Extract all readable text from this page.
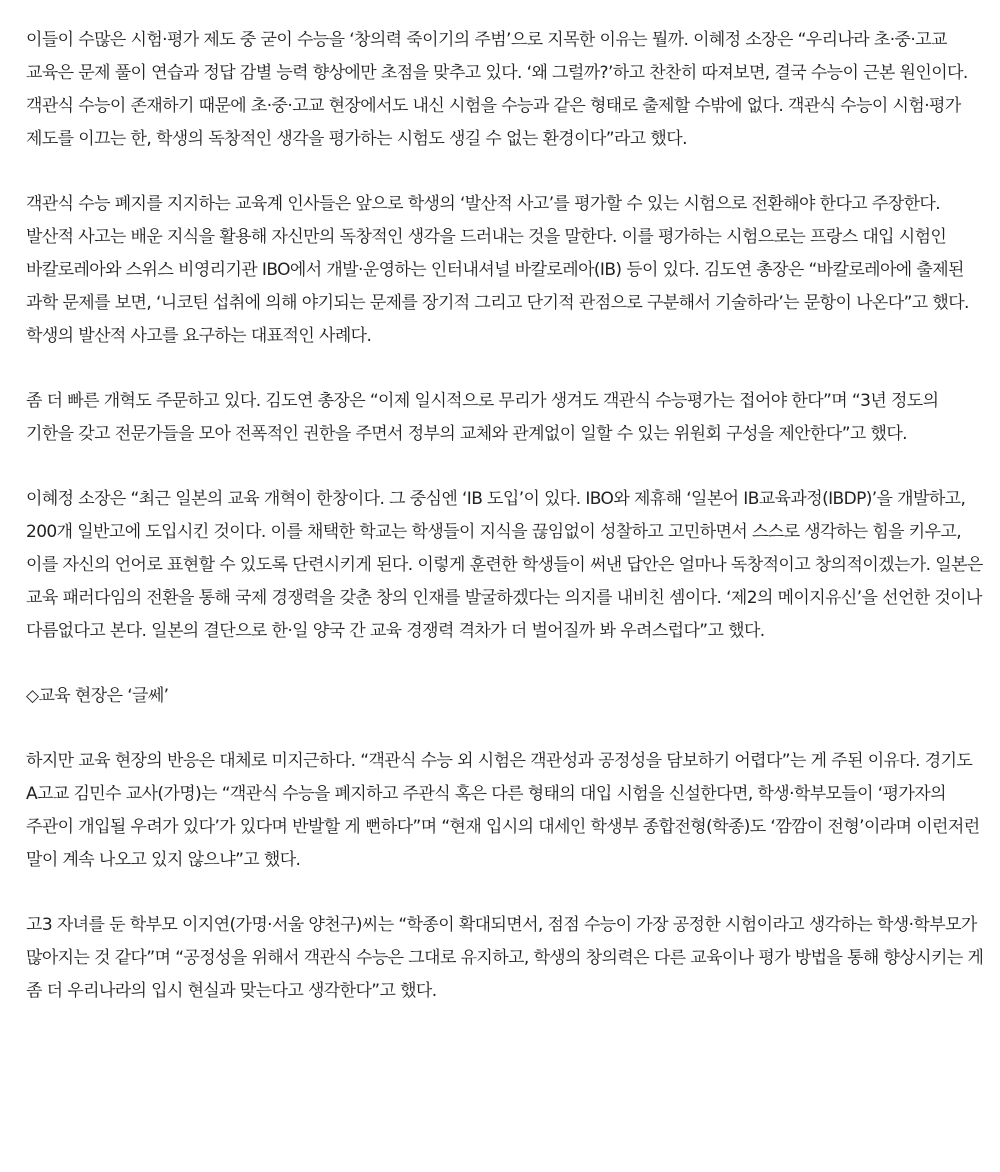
이들이 수많은 시험·평가 제도 중 굳이 수능을 ‘창의력 죽이기의 주범’으로 지목한 이유는 뭘까. 이혜정 소장은 “우리나라 초·중·고교 교육은 문제 풀이 연습과 정답 감별 능력 향상에만 초점을 맞추고 있다. ‘왜 그럴까?’하고 찬찬히 따져보면, 결국 수능이 근본 원인이다. 객관식 수능이 존재하기 때문에 초·중·고교 현장에서도 내신 시험을 수능과 같은 형태로 출제할 수밖에 없다. 객관식 수능이 시험·평가 제도를 이끄는 한, 학생의 독창적인 생각을 평가하는 시험도 생길 수 없는 환경이다”라고 했다.

객관식 수능 폐지를 지지하는 교육계 인사들은 앞으로 학생의 ‘발산적 사고’를 평가할 수 있는 시험으로 전환해야 한다고 주장한다. 발산적 사고는 배운 지식을 활용해 자신만의 독창적인 생각을 드러내는 것을 말한다. 이를 평가하는 시험으로는 프랑스 대입 시험인 바칼로레아와 스위스 비영리기관 IBO에서 개발·운영하는 인터내셔널 바칼로레아(IB) 등이 있다. 김도연 총장은 “바칼로레아에 출제된 과학 문제를 보면, ‘니코틴 섭취에 의해 야기되는 문제를 장기적 그리고 단기적 관점으로 구분해서 기술하라’는 문항이 나온다”고 했다. 학생의 발산적 사고를 요구하는 대표적인 사례다.

좀 더 빠른 개혁도 주문하고 있다. 김도연 총장은 “이제 일시적으로 무리가 생겨도 객관식 수능평가는 접어야 한다”며 “3년 정도의 기한을 갖고 전문가들을 모아 전폭적인 권한을 주면서 정부의 교체와 관계없이 일할 수 있는 위원회 구성을 제안한다”고 했다.

이혜정 소장은 “최근 일본의 교육 개혁이 한창이다. 그 중심엔 ‘IB 도입’이 있다. IBO와 제휴해 ‘일본어 IB교육과정(IBDP)’을 개발하고, 200개 일반고에 도입시킨 것이다. 이를 채택한 학교는 학생들이 지식을 끊임없이 성찰하고 고민하면서 스스로 생각하는 힘을 키우고, 이를 자신의 언어로 표현할 수 있도록 단련시키게 된다. 이렇게 훈련한 학생들이 써낸 답안은 얼마나 독창적이고 창의적이겠는가. 일본은 교육 패러다임의 전환을 통해 국제 경쟁력을 갖춘 창의 인재를 발굴하겠다는 의지를 내비친 셈이다. ‘제2의 메이지유신’을 선언한 것이나 다름없다고 본다. 일본의 결단으로 한·일 양국 간 교육 경쟁력 격차가 더 벌어질까 봐 우려스럽다”고 했다.

◇교육 현장은 ‘글쎄’

하지만 교육 현장의 반응은 대체로 미지근하다. “객관식 수능 외 시험은 객관성과 공정성을 담보하기 어렵다”는 게 주된 이유다. 경기도 A고교 김민수 교사(가명)는 “객관식 수능을 폐지하고 주관식 혹은 다른 형태의 대입 시험을 신설한다면, 학생·학부모들이 ‘평가자의 주관이 개입될 우려가 있다’가 있다며 반발할 게 뻔하다”며 “현재 입시의 대세인 학생부 종합전형(학종)도 ‘깜깜이 전형’이라며 이런저런 말이 계속 나오고 있지 않으냐”고 했다.

고3 자녀를 둔 학부모 이지연(가명·서울 양천구)씨는 “학종이 확대되면서, 점점 수능이 가장 공정한 시험이라고 생각하는 학생·학부모가 많아지는 것 같다”며 “공정성을 위해서 객관식 수능은 그대로 유지하고, 학생의 창의력은 다른 교육이나 평가 방법을 통해 향상시키는 게 좀 더 우리나라의 입시 현실과 맞는다고 생각한다”고 했다.
